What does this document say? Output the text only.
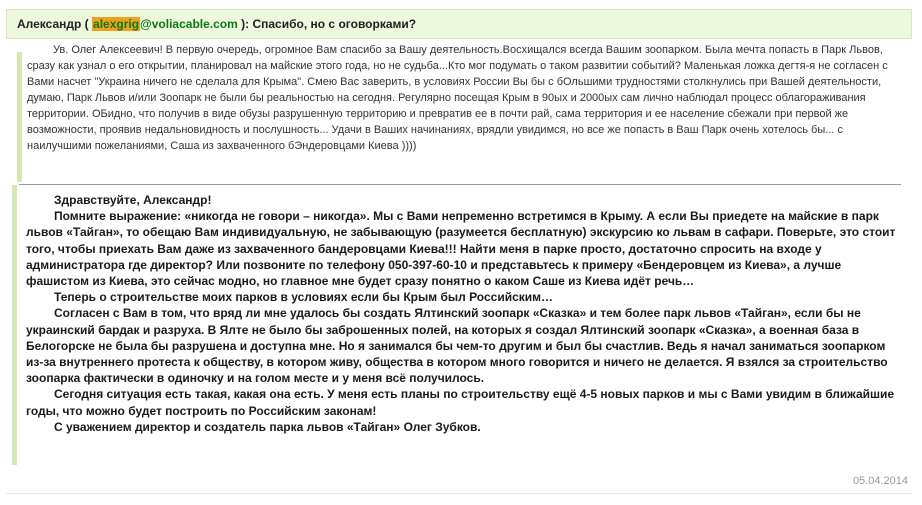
Александр ( alexgrig@voliacable.com ): Спасибо, но с оговорками?

Ув. Олег Алексеевич! В первую очередь, огромное Вам спасибо за Вашу деятельность.Восхищался всегда Вашим зоопарком. Была мечта попасть в Парк Львов, сразу как узнал о его открытии, планировал на майские этого года, но не судьба...Кто мог подумать о таком развитии событий? Маленькая ложка дегтя-я не согласен с Вами насчет "Украина ничего не сделала для Крыма". Смею Вас заверить, в условиях России Вы бы с бОльшими трудностями столкнулись при Вашей деятельности, думаю, Парк Львов и/или Зоопарк не были бы реальностью на сегодня. Регулярно посещая Крым в 90ых и 2000ых сам лично наблюдал процесс облагораживания территории. ОБидно, что получив в виде обузы разрушенную территорию и превратив ее в почти рай, сама территория и ее население сбежали при первой же возможности, проявив недальновидность и послушность... Удачи в Ваших начинаниях, врядли увидимся, но все же попасть в Ваш Парк очень хотелось бы... с наилучшими пожеланиями, Саша из захваченного бЭндеровцами Киева ))))

Здравствуйте, Александр!

Помните выражение: «никогда не говори – никогда». Мы с Вами непременно встретимся в Крыму. А если Вы приедете на майские в парк львов «Тайган», то обещаю Вам индивидуальную, не забывающую (разумеется бесплатную) экскурсию ко львам в сафари. Поверьте, это стоит того, чтобы приехать Вам даже из захваченного бандеровцами Киева!!! Найти меня в парке просто, достаточно спросить на входе у администратора где директор? Или позвоните по телефону 050-397-60-10 и представьтесь к примеру «Бендеровцем из Киева», а лучше фашистом из Киева, это сейчас модно, но главное мне будет сразу понятно о каком Саше из Киева идёт речь…

Теперь о строительстве моих парков в условиях если бы Крым был Российским…

Согласен с Вам в том, что вряд ли мне удалось бы создать Ялтинский зоопарк «Сказка» и тем более парк львов «Тайган», если бы не украинский бардак и разруха. В Ялте не было бы заброшенных полей, на которых я создал Ялтинский зоопарк «Сказка», а военная база в Белогорске не была бы разрушена и доступна мне. Но я занимался бы чем-то другим и был бы счастлив. Ведь я начал заниматься зоопарком из-за внутреннего протеста к обществу, в котором живу, общества в котором много говорится и ничего не делается. Я взялся за строительство зоопарка фактически в одиночку и на голом месте и у меня всё получилось.

Сегодня ситуация есть такая, какая она есть. У меня есть планы по строительству ещё 4-5 новых парков и мы с Вами увидим в ближайшие годы, что можно будет построить по Российским законам!

С уважением директор и создатель парка львов «Тайган» Олег Зубков.

05.04.2014
